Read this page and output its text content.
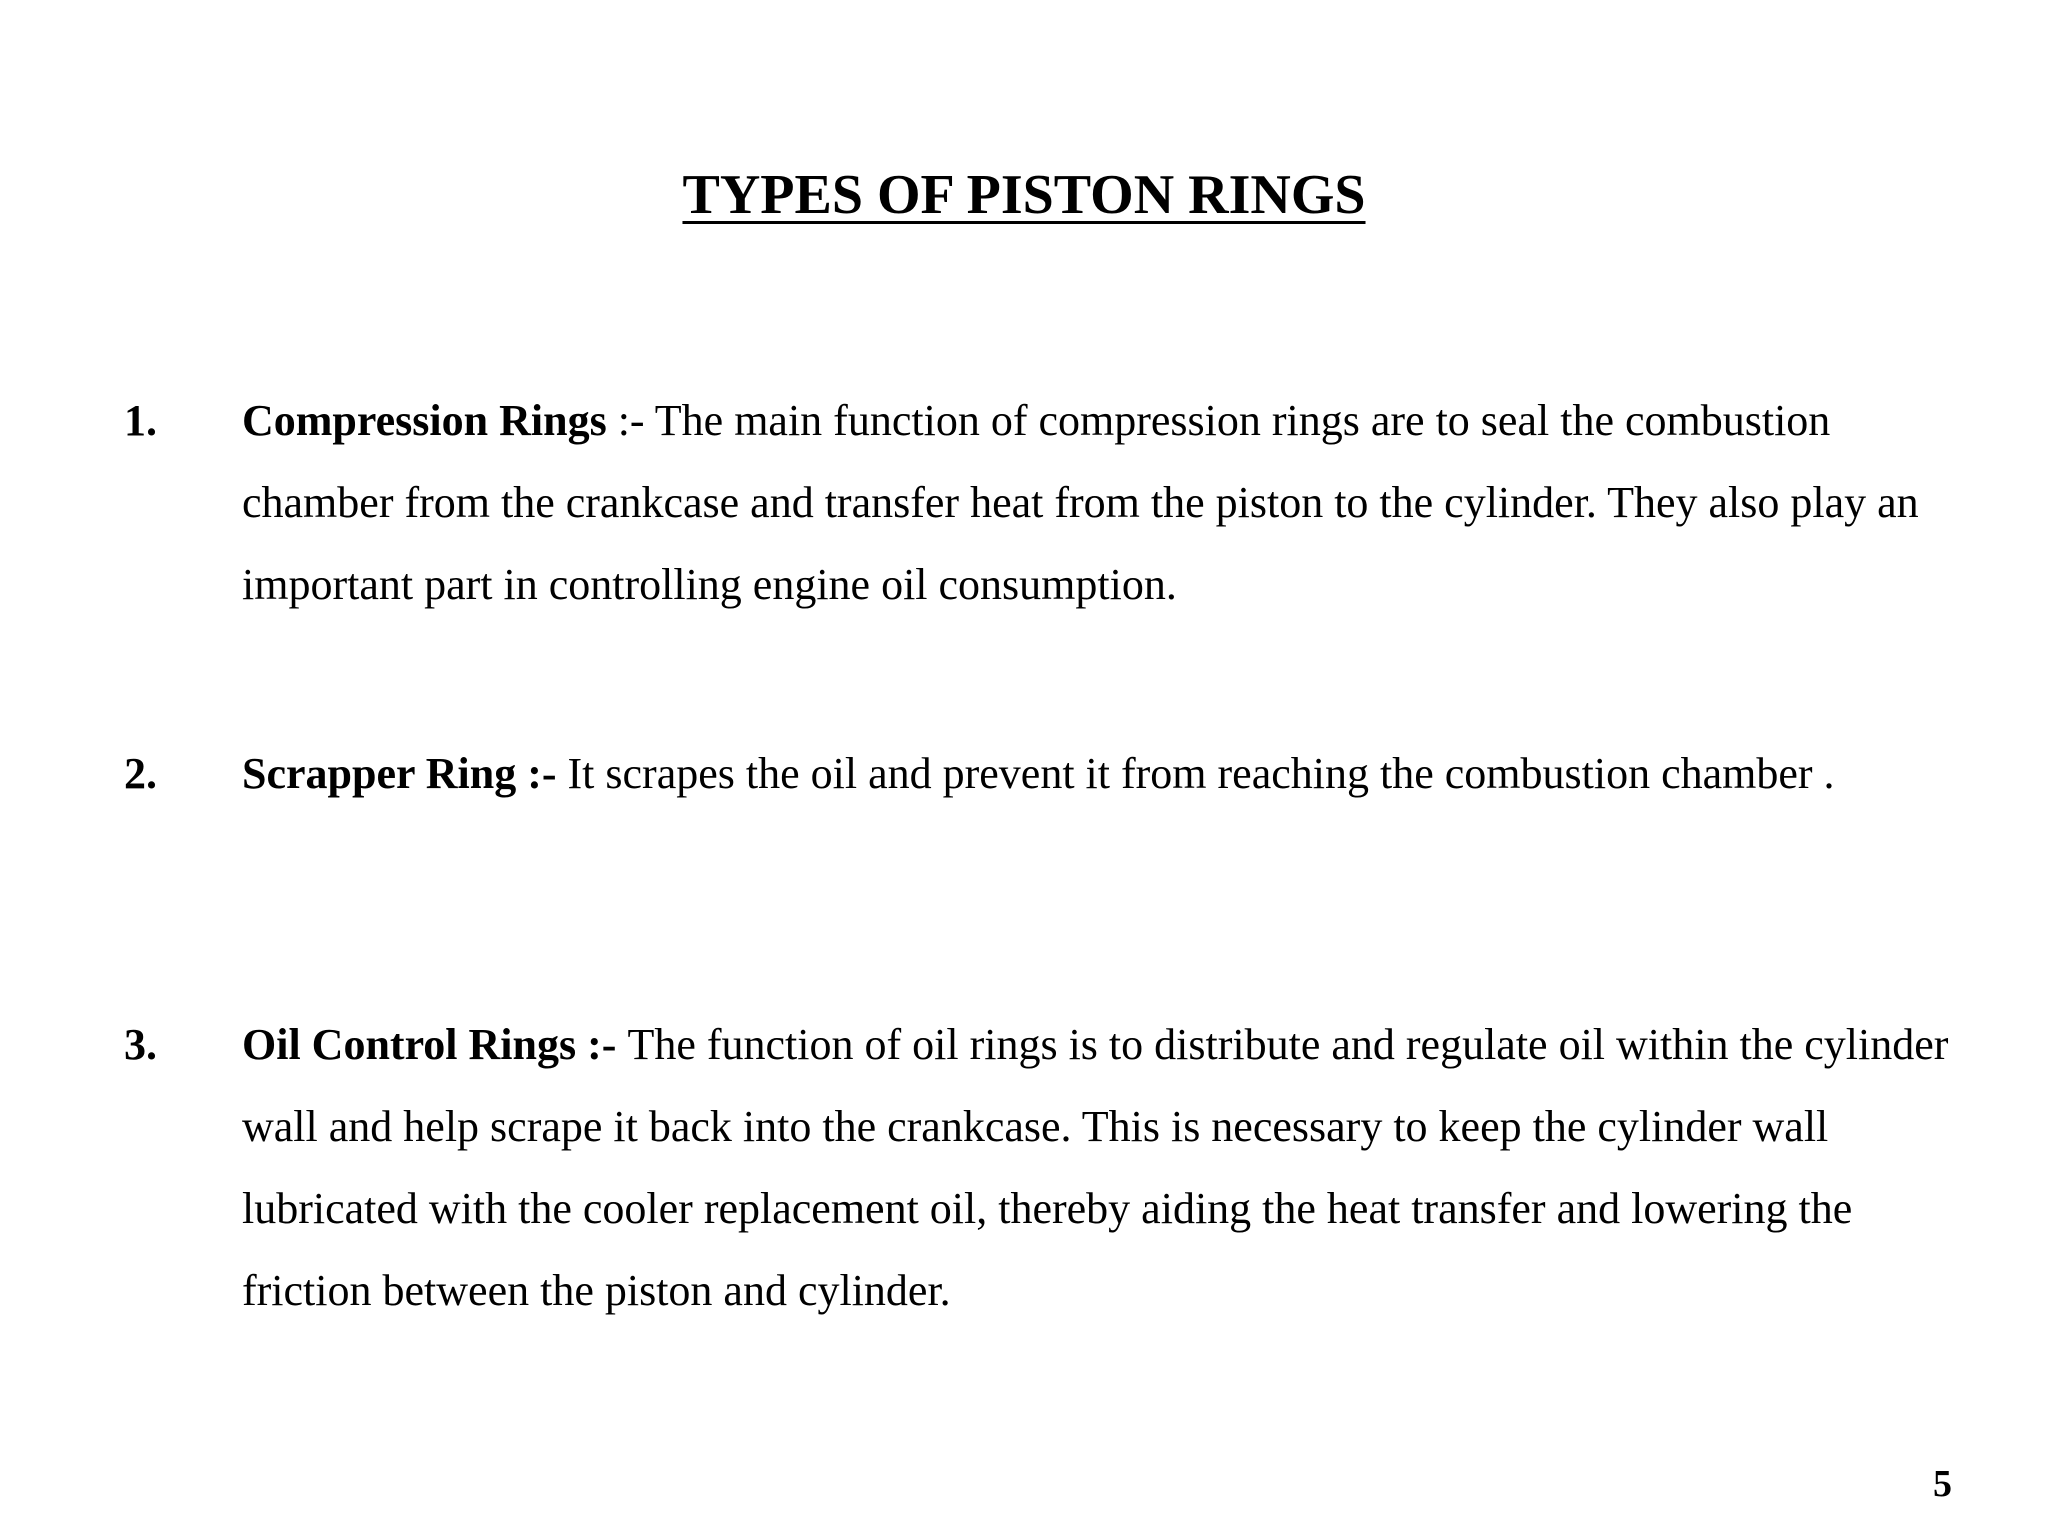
TYPES OF PISTON RINGS
1.	Compression Rings :- The main function of compression rings are to seal the combustion chamber from the crankcase and transfer heat from the piston to the cylinder. They also play an important part in controlling engine oil consumption.
2.	Scrapper Ring :- It scrapes the oil and prevent it from reaching the combustion chamber .
3.	Oil Control Rings :- The function of oil rings is to distribute and regulate oil within the cylinder wall and help scrape it back into the crankcase. This is necessary to keep the cylinder wall lubricated with the cooler replacement oil, thereby aiding the heat transfer and lowering the friction between the piston and cylinder.
5
